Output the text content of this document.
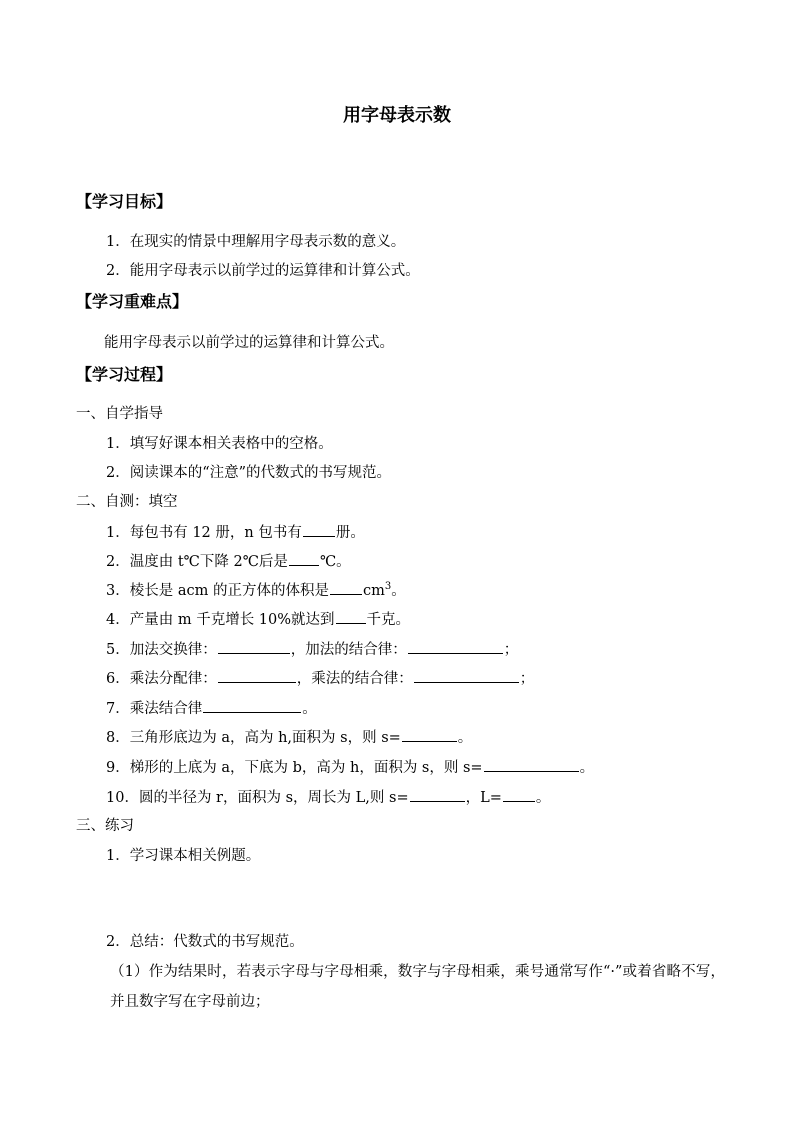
用字母表示数
【学习目标】
1．在现实的情景中理解用字母表示数的意义。
2．能用字母表示以前学过的运算律和计算公式。
【学习重难点】
能用字母表示以前学过的运算律和计算公式。
【学习过程】
一、自学指导
1．填写好课本相关表格中的空格。
2．阅读课本的“注意”的代数式的书写规范。
二、自测：填空
1．每包书有 12 册，n 包书有 册。
2．温度由 t℃下降 2℃后是 ℃。
3．棱长是 acm 的正方体的体积是 $cm^3$。
4．产量由 m 千克增长 10%就达到 千克。
5．加法交换律：	，加法的结合律：	；
6．乘法分配律：	，乘法的结合律：	；
7．乘法结合律	。
8．三角形底边为 a，高为 h,面积为 s，则 s=	。
9．梯形的上底为 a，下底为 b，高为 h，面积为 s，则 s=	。
10．圆的半径为 r，面积为 s，周长为 L,则 s=	，L= 。
三、练习
1．学习课本相关例题。
2．总结：代数式的书写规范。
（1）作为结果时，若表示字母与字母相乘，数字与字母相乘，乘号通常写作“·”或着省略不写，并且数字写在字母前边；
